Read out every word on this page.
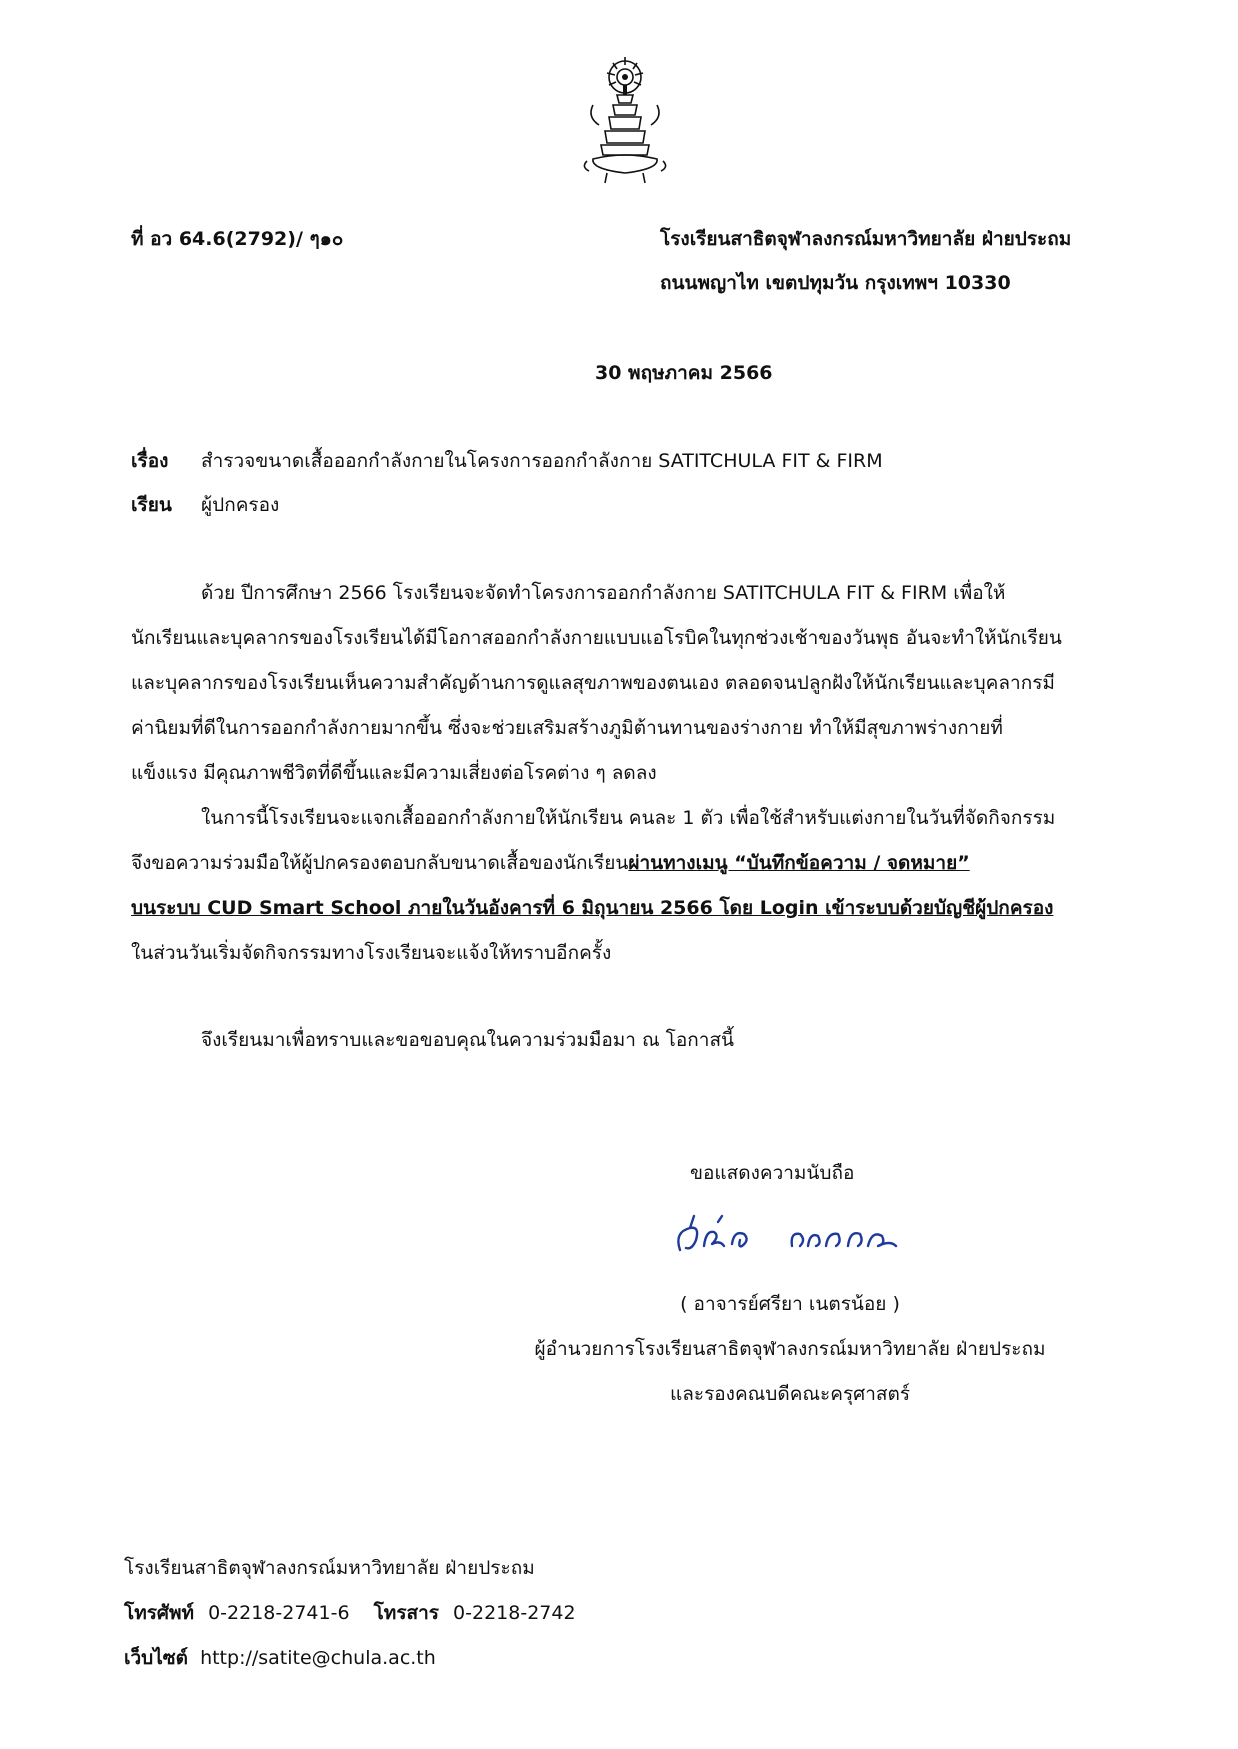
ที่ อว 64.6(2792)/ ๆ๑๐	โรงเรียนสาธิตจุฬาลงกรณ์มหาวิทยาลัย ฝ่ายประถม
ถนนพญาไท เขตปทุมวัน กรุงเทพฯ 10330
30 พฤษภาคม 2566
เรื่อง สำรวจขนาดเสื้อออกกำลังกายในโครงการออกกำลังกาย SATITCHULA FIT & FIRM
เรียน ผู้ปกครอง
ด้วย ปีการศึกษา 2566 โรงเรียนจะจัดทำโครงการออกกำลังกาย SATITCHULA FIT & FIRM เพื่อให้
นักเรียนและบุคลากรของโรงเรียนได้มีโอกาสออกกำลังกายแบบแอโรบิคในทุกช่วงเช้าของวันพุธ อันจะทำให้นักเรียน
และบุคลากรของโรงเรียนเห็นความสำคัญด้านการดูแลสุขภาพของตนเอง ตลอดจนปลูกฝังให้นักเรียนและบุคลากรมี
ค่านิยมที่ดีในการออกกำลังกายมากขึ้น ซึ่งจะช่วยเสริมสร้างภูมิต้านทานของร่างกาย ทำให้มีสุขภาพร่างกายที่
แข็งแรง มีคุณภาพชีวิตที่ดีขึ้นและมีความเสี่ยงต่อโรคต่าง ๆ ลดลง
ในการนี้โรงเรียนจะแจกเสื้อออกกำลังกายให้นักเรียน คนละ 1 ตัว เพื่อใช้สำหรับแต่งกายในวันที่จัดกิจกรรม
จึงขอความร่วมมือให้ผู้ปกครองตอบกลับขนาดเสื้อของนักเรียนผ่านทางเมนู “บันทึกข้อความ / จดหมาย”
บนระบบ CUD Smart School ภายในวันอังคารที่ 6 มิถุนายน 2566 โดย Login เข้าระบบด้วยบัญชีผู้ปกครอง
ในส่วนวันเริ่มจัดกิจกรรมทางโรงเรียนจะแจ้งให้ทราบอีกครั้ง
จึงเรียนมาเพื่อทราบและขอขอบคุณในความร่วมมือมา ณ โอกาสนี้
ขอแสดงความนับถือ
( อาจารย์ศรียา เนตรน้อย )
ผู้อำนวยการโรงเรียนสาธิตจุฬาลงกรณ์มหาวิทยาลัย ฝ่ายประถม
และรองคณบดีคณะครุศาสตร์
โรงเรียนสาธิตจุฬาลงกรณ์มหาวิทยาลัย ฝ่ายประถม
โทรศัพท์ 0-2218-2741-6 โทรสาร 0-2218-2742
เว็บไซต์ http://satite@chula.ac.th
